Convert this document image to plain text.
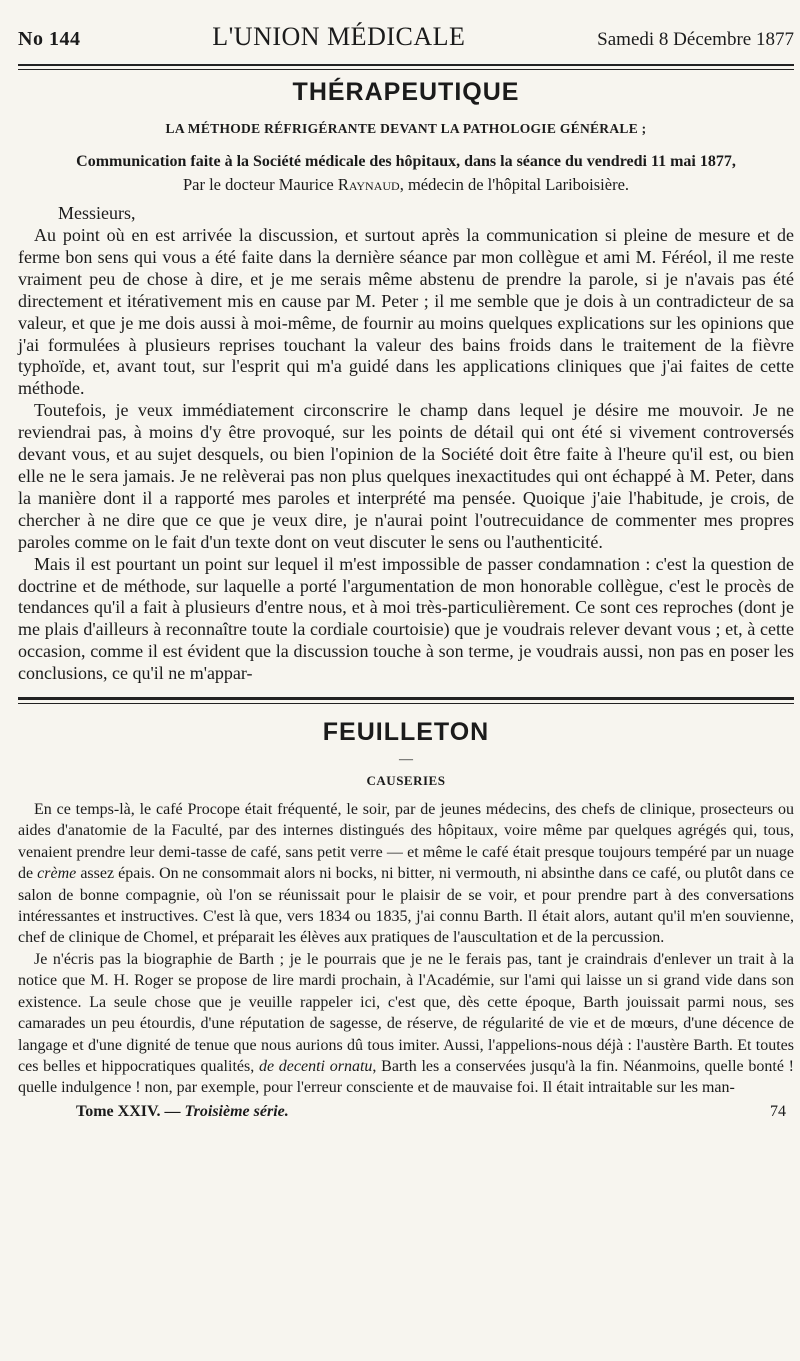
No 144	L'UNION MÉDICALE	Samedi 8 Décembre 1877
THÉRAPEUTIQUE
LA MÉTHODE RÉFRIGÉRANTE DEVANT LA PATHOLOGIE GÉNÉRALE ;
Communication faite à la Société médicale des hôpitaux, dans la séance du vendredi 11 mai 1877,
Par le docteur Maurice Raynaud, médecin de l'hôpital Lariboisière.
Messieurs,

Au point où en est arrivée la discussion, et surtout après la communication si pleine de mesure et de ferme bon sens qui vous a été faite dans la dernière séance par mon collègue et ami M. Féréol, il me reste vraiment peu de chose à dire, et je me serais même abstenu de prendre la parole, si je n'avais pas été directement et itérativement mis en cause par M. Peter ; il me semble que je dois à un contradicteur de sa valeur, et que je me dois aussi à moi-même, de fournir au moins quelques explications sur les opinions que j'ai formulées à plusieurs reprises touchant la valeur des bains froids dans le traitement de la fièvre typhoïde, et, avant tout, sur l'esprit qui m'a guidé dans les applications cliniques que j'ai faites de cette méthode.

Toutefois, je veux immédiatement circonscrire le champ dans lequel je désire me mouvoir. Je ne reviendrai pas, à moins d'y être provoqué, sur les points de détail qui ont été si vivement controversés devant vous, et au sujet desquels, ou bien l'opinion de la Société doit être faite à l'heure qu'il est, ou bien elle ne le sera jamais. Je ne relèverai pas non plus quelques inexactitudes qui ont échappé à M. Peter, dans la manière dont il a rapporté mes paroles et interprété ma pensée. Quoique j'aie l'habitude, je crois, de chercher à ne dire que ce que je veux dire, je n'aurai point l'outrecuidance de commenter mes propres paroles comme on le fait d'un texte dont on veut discuter le sens ou l'authenticité.

Mais il est pourtant un point sur lequel il m'est impossible de passer condamnation : c'est la question de doctrine et de méthode, sur laquelle a porté l'argumentation de mon honorable collègue, c'est le procès de tendances qu'il a fait à plusieurs d'entre nous, et à moi très-particulièrement. Ce sont ces reproches (dont je me plais d'ailleurs à reconnaître toute la cordiale courtoisie) que je voudrais relever devant vous ; et, à cette occasion, comme il est évident que la discussion touche à son terme, je voudrais aussi, non pas en poser les conclusions, ce qu'il ne m'appar-

FEUILLETON
—
CAUSERIES

En ce temps-là, le café Procope était fréquenté, le soir, par de jeunes médecins, des chefs de clinique, prosecteurs ou aides d'anatomie de la Faculté, par des internes distingués des hôpitaux, voire même par quelques agrégés qui, tous, venaient prendre leur demi-tasse de café, sans petit verre — et même le café était presque toujours tempéré par un nuage de crème assez épais. On ne consommait alors ni bocks, ni bitter, ni vermouth, ni absinthe dans ce café, ou plutôt dans ce salon de bonne compagnie, où l'on se réunissait pour le plaisir de se voir, et pour prendre part à des conversations intéressantes et instructives. C'est là que, vers 1834 ou 1835, j'ai connu Barth. Il était alors, autant qu'il m'en souvienne, chef de clinique de Chomel, et préparait les élèves aux pratiques de l'auscultation et de la percussion.

Je n'écris pas la biographie de Barth ; je le pourrais que je ne le ferais pas, tant je craindrais d'enlever un trait à la notice que M. H. Roger se propose de lire mardi prochain, à l'Académie, sur l'ami qui laisse un si grand vide dans son existence. La seule chose que je veuille rappeler ici, c'est que, dès cette époque, Barth jouissait parmi nous, ses camarades un peu étourdis, d'une réputation de sagesse, de réserve, de régularité de vie et de mœurs, d'une décence de langage et d'une dignité de tenue que nous aurions dû tous imiter. Aussi, l'appelions-nous déjà : l'austère Barth. Et toutes ces belles et hippocratiques qualités, de decenti ornatu, Barth les a conservées jusqu'à la fin. Néanmoins, quelle bonté ! quelle indulgence ! non, par exemple, pour l'erreur consciente et de mauvaise foi. Il était intraitable sur les man-

Tome XXIV. — Troisième série.	74
